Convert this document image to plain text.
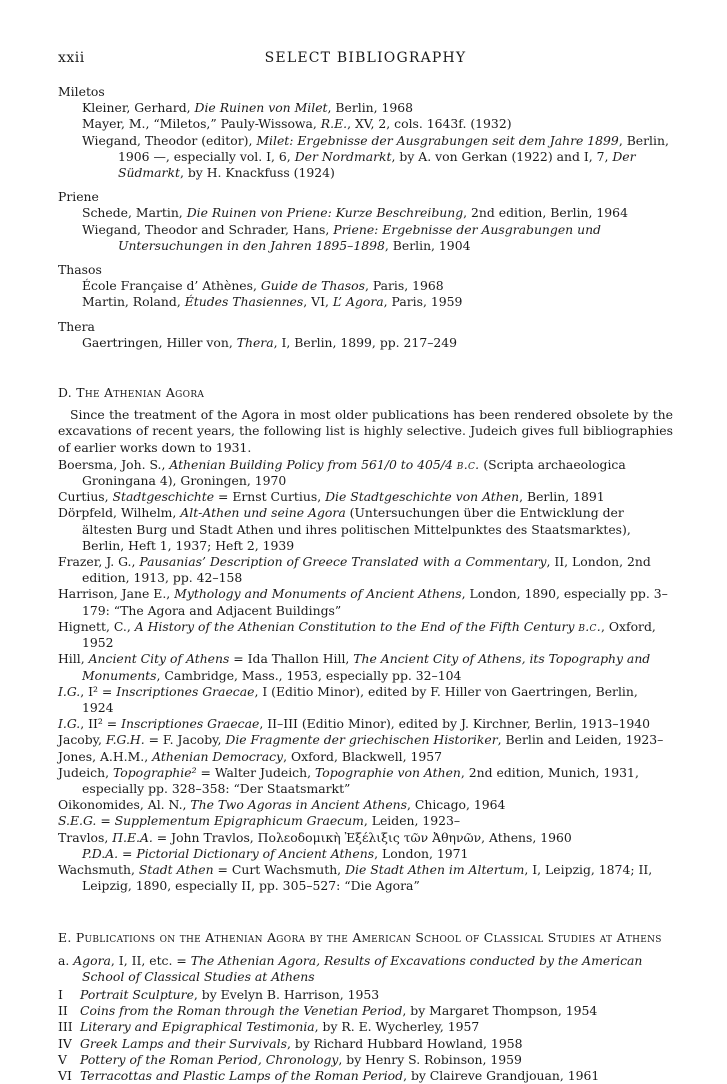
xxii	SELECT BIBLIOGRAPHY

Miletos

Kleiner, Gerhard, Die Ruinen von Milet, Berlin, 1968

Mayer, M., “Miletos,” Pauly-Wissowa, R.E., XV, 2, cols. 1643f. (1932)

Wiegand, Theodor (editor), Milet: Ergebnisse der Ausgrabungen seit dem Jahre 1899, Berlin, 1906 —, especially vol. I, 6, Der Nordmarkt, by A. von Gerkan (1922) and I, 7, Der Südmarkt, by H. Knackfuss (1924)

Priene

Schede, Martin, Die Ruinen von Priene: Kurze Beschreibung, 2nd edition, Berlin, 1964

Wiegand, Theodor and Schrader, Hans, Priene: Ergebnisse der Ausgrabungen und Untersuchungen in den Jahren 1895–1898, Berlin, 1904

Thasos

École Française d’ Athènes, Guide de Thasos, Paris, 1968

Martin, Roland, Études Thasiennes, VI, L’ Agora, Paris, 1959

Thera

Gaertringen, Hiller von, Thera, I, Berlin, 1899, pp. 217–249

D. The Athenian Agora

Since the treatment of the Agora in most older publications has been rendered obsolete by the excavations of recent years, the following list is highly selective. Judeich gives full bibliographies of earlier works down to 1931.

Boersma, Joh. S., Athenian Building Policy from 561/0 to 405/4 b.c. (Scripta archaeologica Groningana 4), Groningen, 1970

Curtius, Stadtgeschichte = Ernst Curtius, Die Stadtgeschichte von Athen, Berlin, 1891

Dörpfeld, Wilhelm, Alt-Athen und seine Agora (Untersuchungen über die Entwicklung der ältesten Burg und Stadt Athen und ihres politischen Mittelpunktes des Staatsmarktes), Berlin, Heft 1, 1937; Heft 2, 1939

Frazer, J. G., Pausanias’ Description of Greece Translated with a Commentary, II, London, 2nd edition, 1913, pp. 42–158

Harrison, Jane E., Mythology and Monuments of Ancient Athens, London, 1890, especially pp. 3–179: “The Agora and Adjacent Buildings”

Hignett, C., A History of the Athenian Constitution to the End of the Fifth Century b.c., Oxford, 1952

Hill, Ancient City of Athens = Ida Thallon Hill, The Ancient City of Athens, its Topography and Monuments, Cambridge, Mass., 1953, especially pp. 32–104

I.G., I² = Inscriptiones Graecae, I (Editio Minor), edited by F. Hiller von Gaertringen, Berlin, 1924

I.G., II² = Inscriptiones Graecae, II–III (Editio Minor), edited by J. Kirchner, Berlin, 1913–1940

Jacoby, F.G.H. = F. Jacoby, Die Fragmente der griechischen Historiker, Berlin and Leiden, 1923–

Jones, A.H.M., Athenian Democracy, Oxford, Blackwell, 1957

Judeich, Topographie² = Walter Judeich, Topographie von Athen, 2nd edition, Munich, 1931, especially pp. 328–358: “Der Staatsmarkt”

Oikonomides, Al. N., The Two Agoras in Ancient Athens, Chicago, 1964

S.E.G. = Supplementum Epigraphicum Graecum, Leiden, 1923–

Travlos, Π.Ε.Α. = John Travlos, Πολεοδομικὴ Ἐξέλιξις τῶν Ἀθηνῶν, Athens, 1960

P.D.A. = Pictorial Dictionary of Ancient Athens, London, 1971

Wachsmuth, Stadt Athen = Curt Wachsmuth, Die Stadt Athen im Altertum, I, Leipzig, 1874; II, Leipzig, 1890, especially II, pp. 305–527: “Die Agora”

E. Publications on the Athenian Agora by the American School of Classical Studies at Athens

a. Agora, I, II, etc. = The Athenian Agora, Results of Excavations conducted by the American School of Classical Studies at Athens

I	Portrait Sculpture, by Evelyn B. Harrison, 1953
II Coins from the Roman through the Venetian Period, by Margaret Thompson, 1954
III Literary and Epigraphical Testimonia, by R. E. Wycherley, 1957
IV Greek Lamps and their Survivals, by Richard Hubbard Howland, 1958
V	Pottery of the Roman Period, Chronology, by Henry S. Robinson, 1959
VI Terracottas and Plastic Lamps of the Roman Period, by Claireve Grandjouan, 1961
